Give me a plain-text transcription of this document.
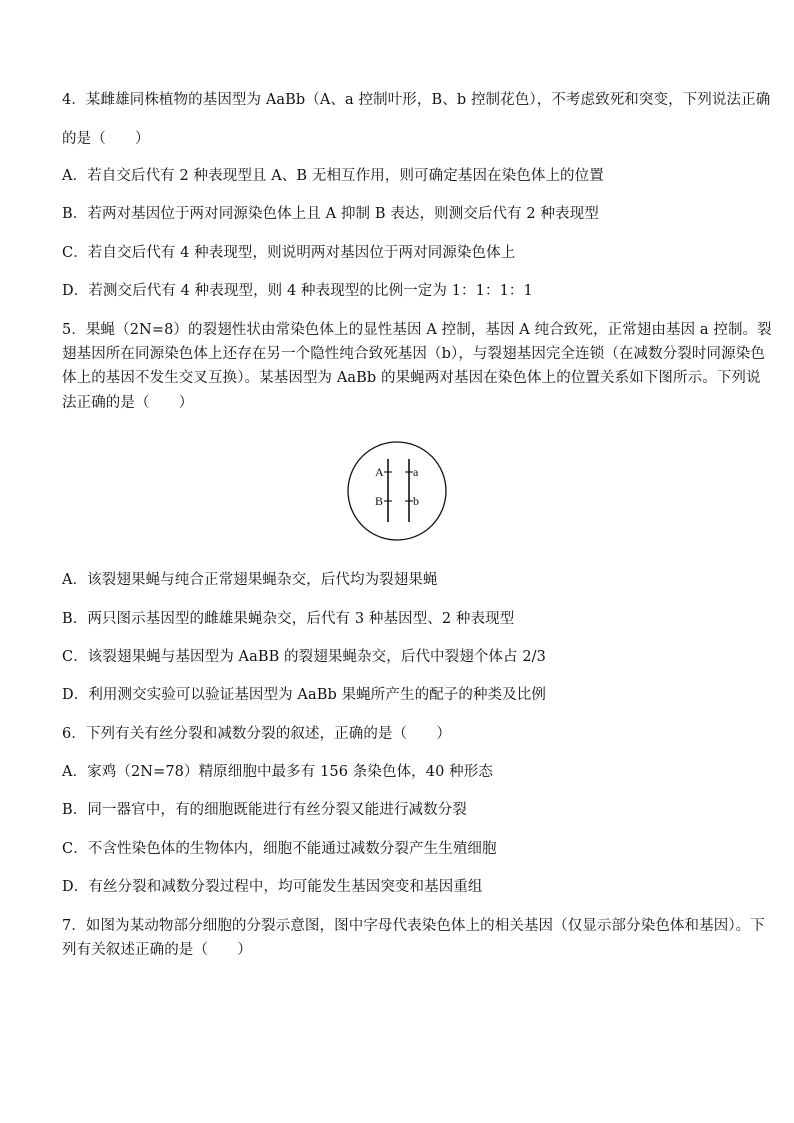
4．某雌雄同株植物的基因型为 AaBb（A、a 控制叶形，B、b 控制花色），不考虑致死和突变，下列说法正确
的是（　　）
A．若自交后代有 2 种表现型且 A、B 无相互作用，则可确定基因在染色体上的位置
B．若两对基因位于两对同源染色体上且 A 抑制 B 表达，则测交后代有 2 种表现型
C．若自交后代有 4 种表现型，则说明两对基因位于两对同源染色体上
D．若测交后代有 4 种表现型，则 4 种表现型的比例一定为 1：1：1：1
5．果蝇（2N=8）的裂翅性状由常染色体上的显性基因 A 控制，基因 A 纯合致死，正常翅由基因 a 控制。裂
翅基因所在同源染色体上还存在另一个隐性纯合致死基因（b），与裂翅基因完全连锁（在减数分裂时同源染色
体上的基因不发生交叉互换）。某基因型为 AaBb 的果蝇两对基因在染色体上的位置关系如下图所示。下列说
法正确的是（　　）
A a
B b
A．该裂翅果蝇与纯合正常翅果蝇杂交，后代均为裂翅果蝇
B．两只图示基因型的雌雄果蝇杂交，后代有 3 种基因型、2 种表现型
C．该裂翅果蝇与基因型为 AaBB 的裂翅果蝇杂交，后代中裂翅个体占 2/3
D．利用测交实验可以验证基因型为 AaBb 果蝇所产生的配子的种类及比例
6．下列有关有丝分裂和减数分裂的叙述，正确的是（　　）
A．家鸡（2N=78）精原细胞中最多有 156 条染色体，40 种形态
B．同一器官中，有的细胞既能进行有丝分裂又能进行减数分裂
C．不含性染色体的生物体内，细胞不能通过减数分裂产生生殖细胞
D．有丝分裂和减数分裂过程中，均可能发生基因突变和基因重组
7．如图为某动物部分细胞的分裂示意图，图中字母代表染色体上的相关基因（仅显示部分染色体和基因）。下
列有关叙述正确的是（　　）
